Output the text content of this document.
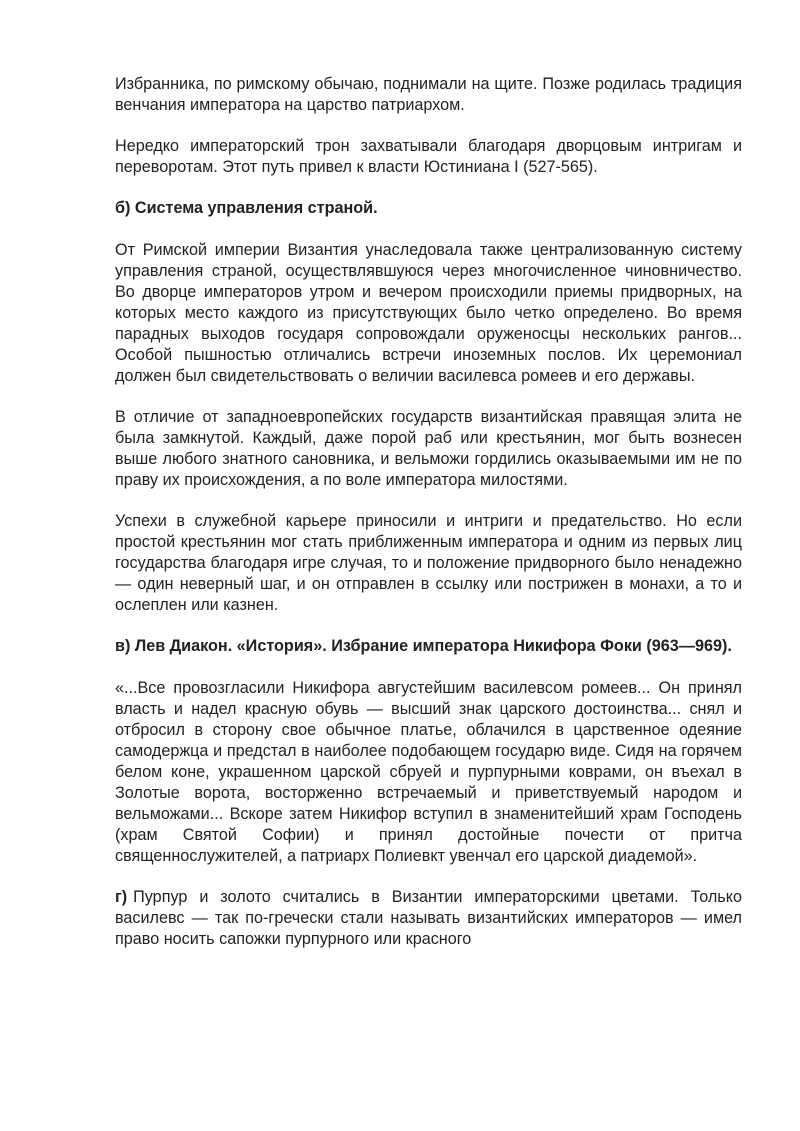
Избранника, по римскому обычаю, поднимали на щите. Позже родилась традиция венчания императора на царство патриархом.

Нередко императорский трон захватывали благодаря дворцовым интригам и переворотам. Этот путь привел к власти Юстиниана I (527-565).

б) Система управления страной.

От Римской империи Византия унаследовала также централизованную систему управления страной, осуществлявшуюся через многочисленное чиновничество. Во дворце императоров утром и вечером происходили приемы придворных, на которых место каждого из присутствующих было четко определено. Во время парадных выходов государя сопровождали оруженосцы нескольких рангов... Особой пышностью отличались встречи иноземных послов. Их церемониал должен был свидетельствовать о величии василевса ромеев и его державы.

В отличие от западноевропейских государств византийская правящая элита не была замкнутой. Каждый, даже порой раб или крестьянин, мог быть вознесен выше любого знатного сановника, и вельможи гордились оказываемыми им не по праву их происхождения, а по воле императора милостями.

Успехи в служебной карьере приносили и интриги и предательство. Но если простой крестьянин мог стать приближенным императора и одним из первых лиц государства благодаря игре случая, то и положение придворного было ненадежно — один неверный шаг, и он отправлен в ссылку или пострижен в монахи, а то и ослеплен или казнен.

в) Лев Диакон. «История». Избрание императора Никифора Фоки (963—969).

«...Все провозгласили Никифора августейшим василевсом ромеев... Он принял власть и надел красную обувь — высший знак царского достоинства... снял и отбросил в сторону свое обычное платье, облачился в царственное одеяние самодержца и предстал в наиболее подобающем государю виде. Сидя на горячем белом коне, украшенном царской сбруей и пурпурными коврами, он въехал в Золотые ворота, восторженно встречаемый и приветствуемый народом и вельможами... Вскоре затем Никифор вступил в знаменитейший храм Господень (храм Святой Софии) и принял достойные почести от притча священнослужителей, а патриарх Полиевкт увенчал его царской диадемой».

г) Пурпур и золото считались в Византии императорскими цветами. Только василевс — так по-гречески стали называть византийских императоров — имел право носить сапожки пурпурного или красного
